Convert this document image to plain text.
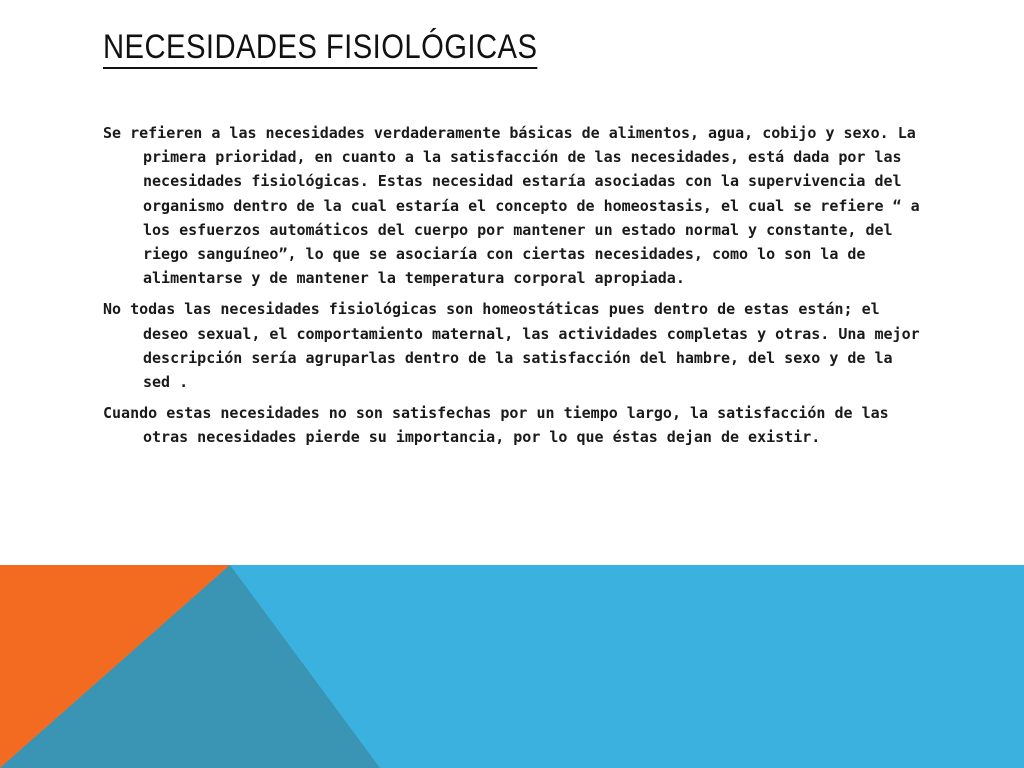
NECESIDADES FISIOLÓGICAS

Se refieren a las necesidades verdaderamente básicas de alimentos, agua, cobijo y sexo. La primera prioridad, en cuanto a la satisfacción de las necesidades, está dada por las necesidades fisiológicas. Estas necesidad estaría asociadas con la supervivencia del organismo dentro de la cual estaría el concepto de homeostasis, el cual se refiere “ a los esfuerzos automáticos del cuerpo por mantener un estado normal y constante, del riego sanguíneo”, lo que se asociaría con ciertas necesidades, como lo son la de alimentarse y de mantener la temperatura corporal apropiada.

No todas las necesidades fisiológicas son homeostáticas pues dentro de estas están; el deseo sexual, el comportamiento maternal, las actividades completas y otras. Una mejor descripción sería agruparlas dentro de la satisfacción del hambre, del sexo y de la sed .

Cuando estas necesidades no son satisfechas por un tiempo largo, la satisfacción de las otras necesidades pierde su importancia, por lo que éstas dejan de existir.
